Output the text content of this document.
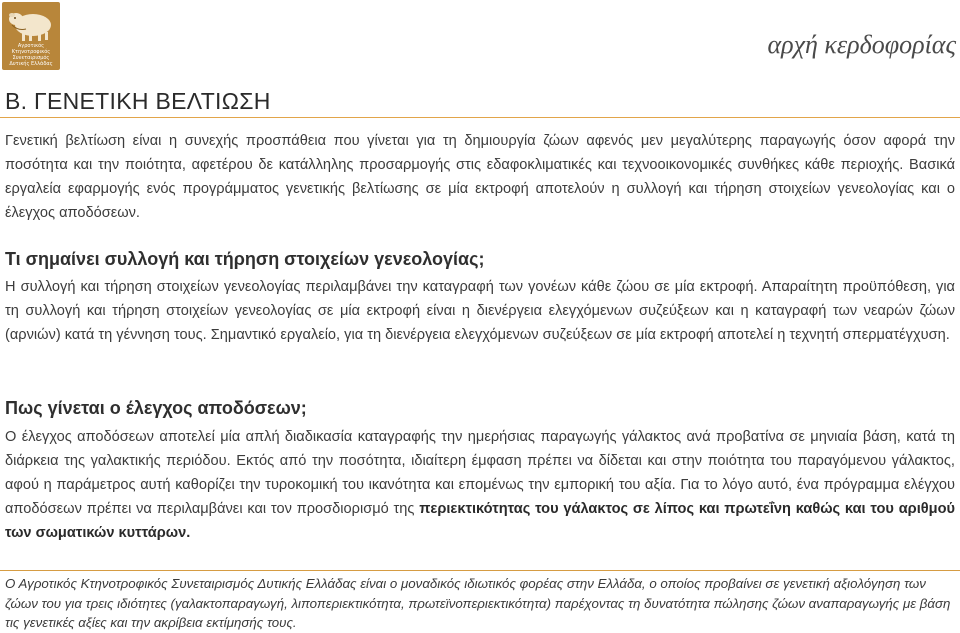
Αγροτικός
Κτηνοτροφικός
Συνεταιρισμός
Δυτικής Ελλάδας
αρχή κερδοφορίας
Β. ΓΕΝΕΤΙΚΗ ΒΕΛΤΙΩΣΗ

Γενετική βελτίωση είναι η συνεχής προσπάθεια που γίνεται για τη δημιουργία ζώων αφενός μεν μεγαλύτερης παραγωγής όσον αφορά την ποσότητα και την ποιότητα, αφετέρου δε κατάλληλης προσαρμογής στις εδαφοκλιματικές και τεχνοοικονομικές συνθήκες κάθε περιοχής. Βασικά εργαλεία εφαρμογής ενός προγράμματος γενετικής βελτίωσης σε μία εκτροφή αποτελούν η συλλογή και τήρηση στοιχείων γενεολογίας και ο έλεγχος αποδόσεων.

Τι σημαίνει συλλογή και τήρηση στοιχείων γενεολογίας;

Η συλλογή και τήρηση στοιχείων γενεολογίας περιλαμβάνει την καταγραφή των γονέων κάθε ζώου σε μία εκτροφή. Απαραίτητη προϋπόθεση, για τη συλλογή και τήρηση στοιχείων γενεολογίας σε μία εκτροφή είναι η διενέργεια ελεγχόμενων συζεύξεων και η καταγραφή των νεαρών ζώων (αρνιών) κατά τη γέννηση τους. Σημαντικό εργαλείο, για τη διενέργεια ελεγχόμενων συζεύξεων σε μία εκτροφή αποτελεί η τεχνητή σπερματέγχυση.

Πως γίνεται ο έλεγχος αποδόσεων;

Ο έλεγχος αποδόσεων αποτελεί μία απλή διαδικασία καταγραφής την ημερήσιας παραγωγής γάλακτος ανά προβατίνα σε μηνιαία βάση, κατά τη διάρκεια της γαλακτικής περιόδου. Εκτός από την ποσότητα, ιδιαίτερη έμφαση πρέπει να δίδεται και στην ποιότητα του παραγόμενου γάλακτος, αφού η παράμετρος αυτή καθορίζει την τυροκομική του ικανότητα και επομένως την εμπορική του αξία. Για το λόγο αυτό, ένα πρόγραμμα ελέγχου αποδόσεων πρέπει να περιλαμβάνει και τον προσδιορισμό της περιεκτικότητας του γάλακτος σε λίπος και πρωτεΐνη καθώς και του αριθμού των σωματικών κυττάρων.

Ο Αγροτικός Κτηνοτροφικός Συνεταιρισμός Δυτικής Ελλάδας είναι ο μοναδικός ιδιωτικός φορέας στην Ελλάδα, ο οποίος προβαίνει σε γενετική αξιολόγηση των ζώων του για τρεις ιδιότητες (γαλακτοπαραγωγή, λιποπεριεκτικότητα, πρωτεϊνοπεριεκτικότητα) παρέχοντας τη δυνατότητα πώλησης ζώων αναπαραγωγής με βάση τις γενετικές αξίες και την ακρίβεια εκτίμησής τους.
